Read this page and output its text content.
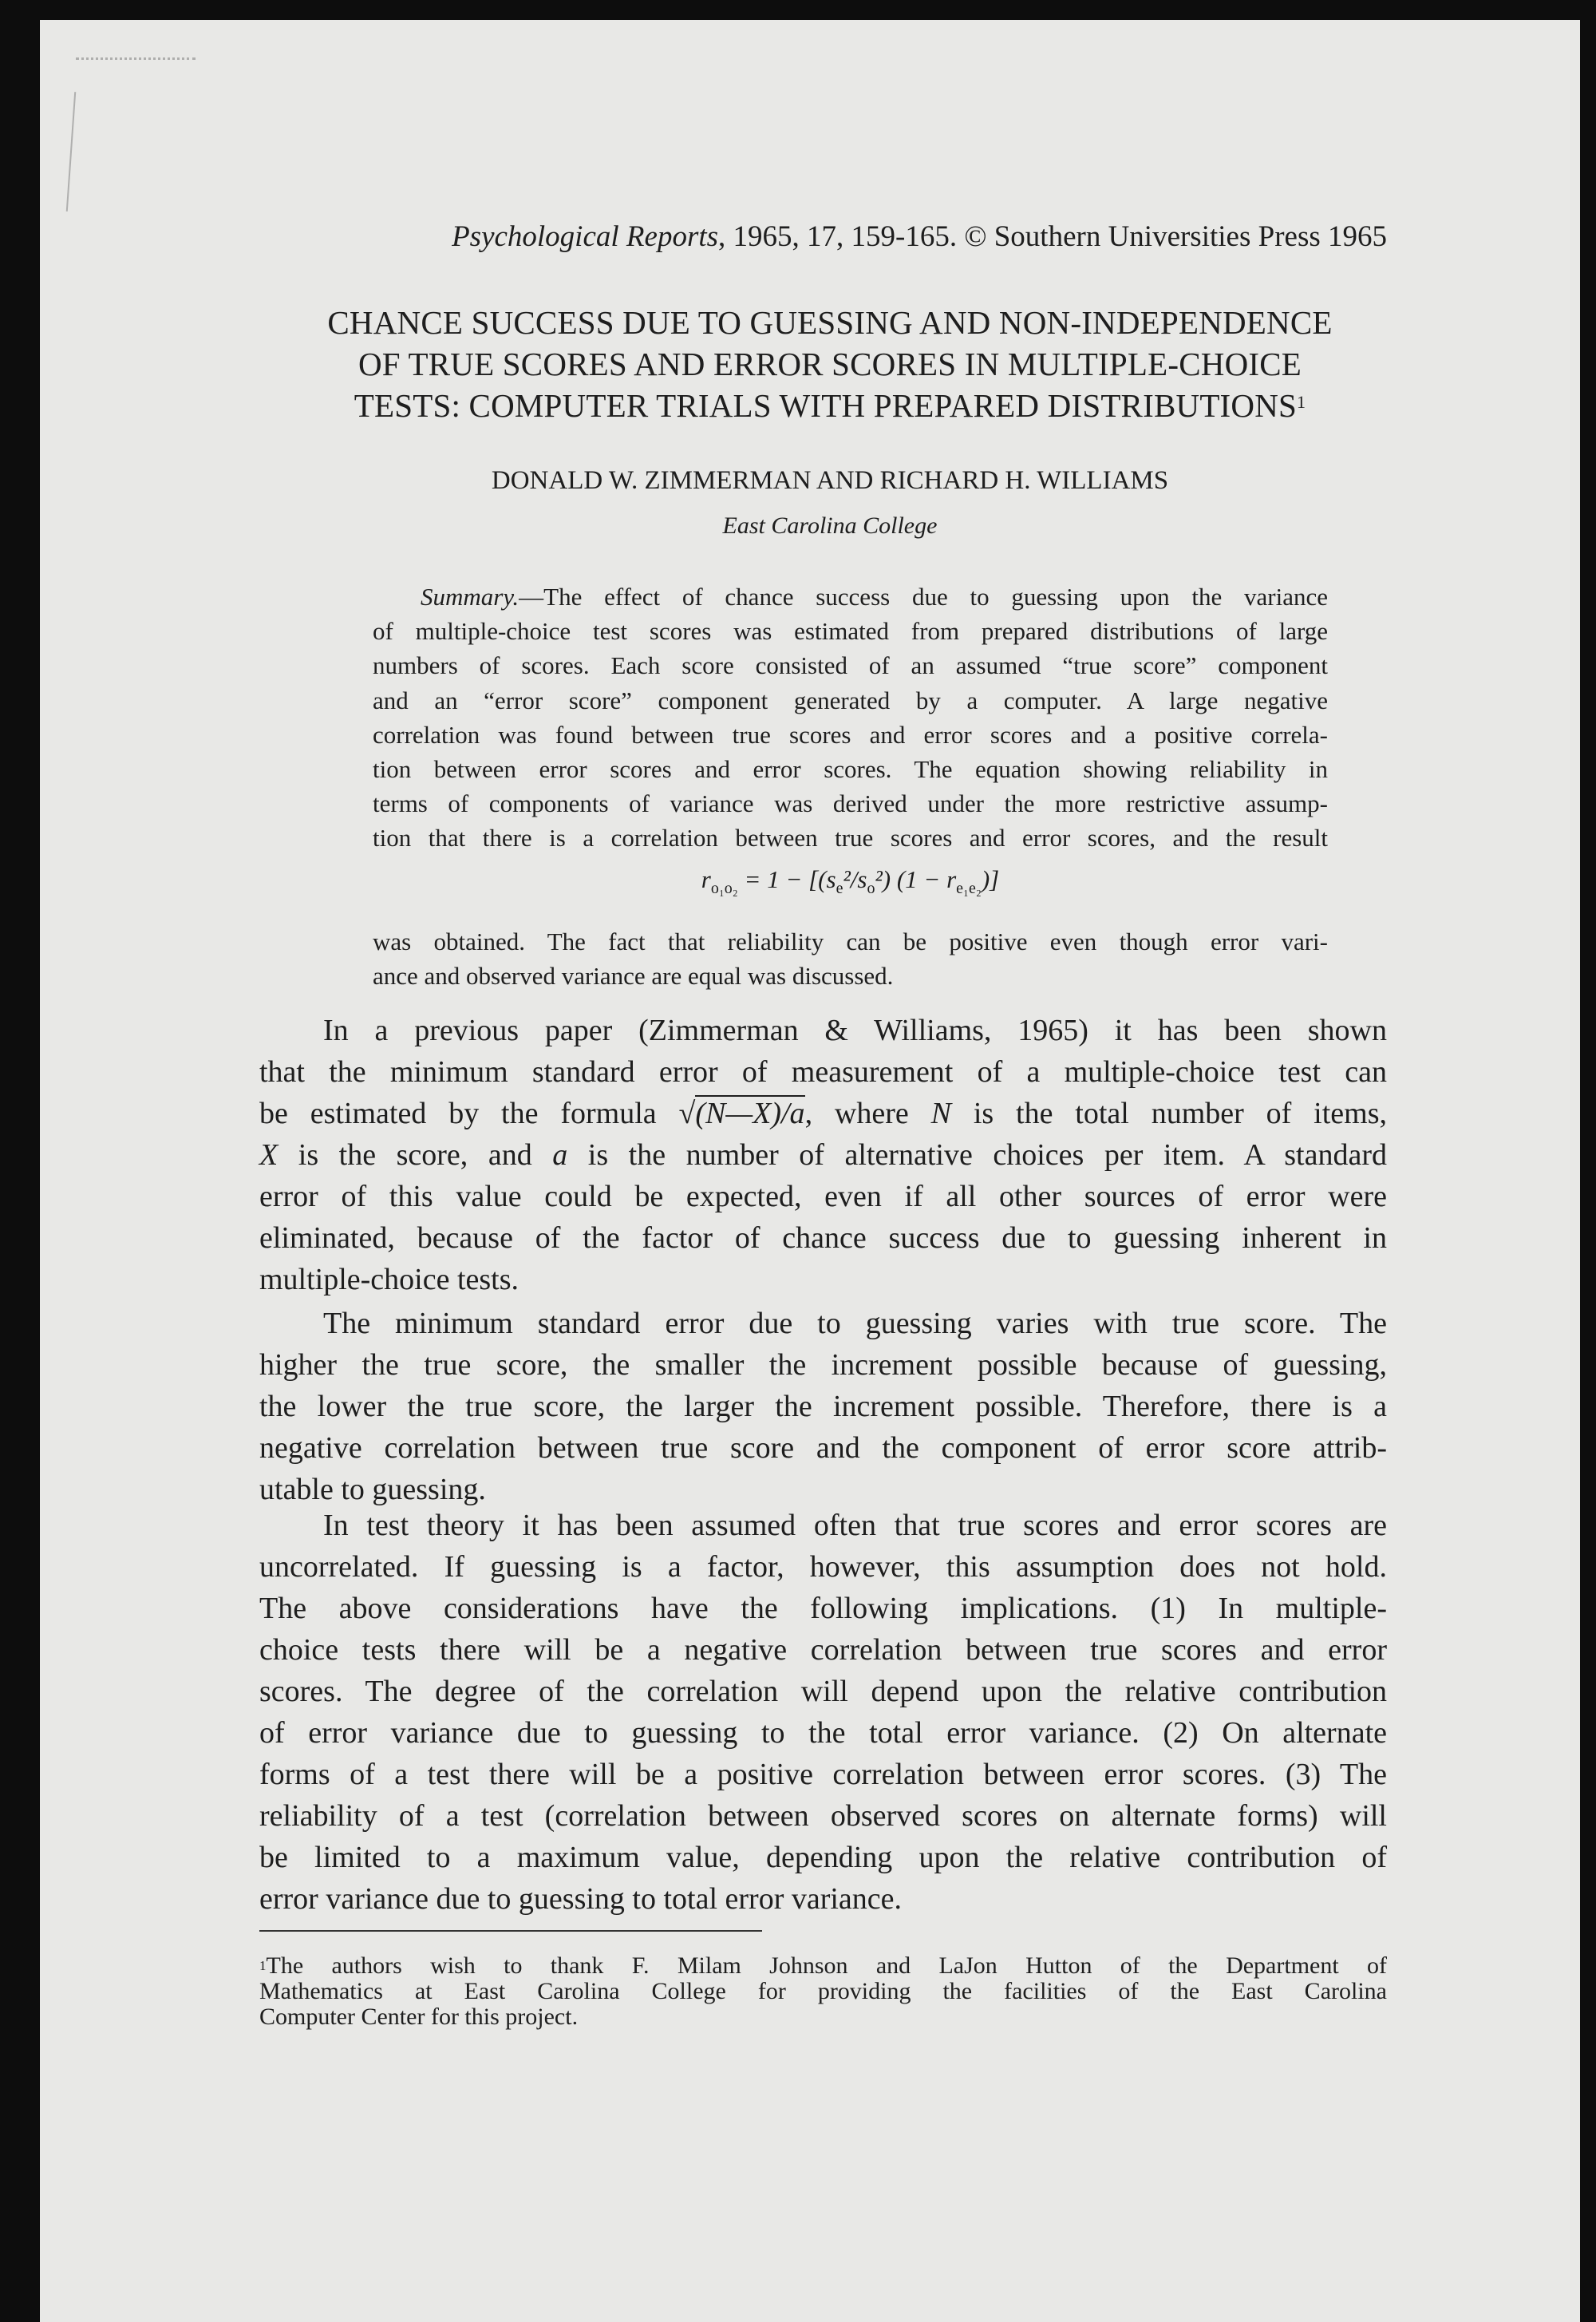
Psychological Reports, 1965, 17, 159-165. © Southern Universities Press 1965
CHANCE SUCCESS DUE TO GUESSING AND NON-INDEPENDENCE
OF TRUE SCORES AND ERROR SCORES IN MULTIPLE-CHOICE
TESTS: COMPUTER TRIALS WITH PREPARED DISTRIBUTIONS$^1$
DONALD W. ZIMMERMAN AND RICHARD H. WILLIAMS
East Carolina College
Summary.—The effect of chance success due to guessing upon the variance
of multiple-choice test scores was estimated from prepared distributions of large
numbers of scores. Each score consisted of an assumed “true score” component
and an “error score” component generated by a computer. A large negative
correlation was found between true scores and error scores and a positive correla-
tion between error scores and error scores. The equation showing reliability in
terms of components of variance was derived under the more restrictive assump-
tion that there is a correlation between true scores and error scores, and the result
$r_{o_1o_2} = 1 - [(s_e^2/s_o^2) (1 - r_{e_1e_2})]$
was obtained. The fact that reliability can be positive even though error vari-
ance and observed variance are equal was discussed.
In a previous paper (Zimmerman & Williams, 1965) it has been shown
that the minimum standard error of measurement of a multiple-choice test can
be estimated by the formula √(N—X)/a, where N is the total number of items,
X is the score, and a is the number of alternative choices per item. A standard
error of this value could be expected, even if all other sources of error were
eliminated, because of the factor of chance success due to guessing inherent in
multiple-choice tests.
The minimum standard error due to guessing varies with true score. The
higher the true score, the smaller the increment possible because of guessing,
the lower the true score, the larger the increment possible. Therefore, there is a
negative correlation between true score and the component of error score attrib-
utable to guessing.
In test theory it has been assumed often that true scores and error scores are
uncorrelated. If guessing is a factor, however, this assumption does not hold.
The above considerations have the following implications. (1) In multiple-
choice tests there will be a negative correlation between true scores and error
scores. The degree of the correlation will depend upon the relative contribution
of error variance due to guessing to the total error variance. (2) On alternate
forms of a test there will be a positive correlation between error scores. (3) The
reliability of a test (correlation between observed scores on alternate forms) will
be limited to a maximum value, depending upon the relative contribution of
error variance due to guessing to total error variance.
$^1$The authors wish to thank F. Milam Johnson and LaJon Hutton of the Department of
Mathematics at East Carolina College for providing the facilities of the East Carolina
Computer Center for this project.
